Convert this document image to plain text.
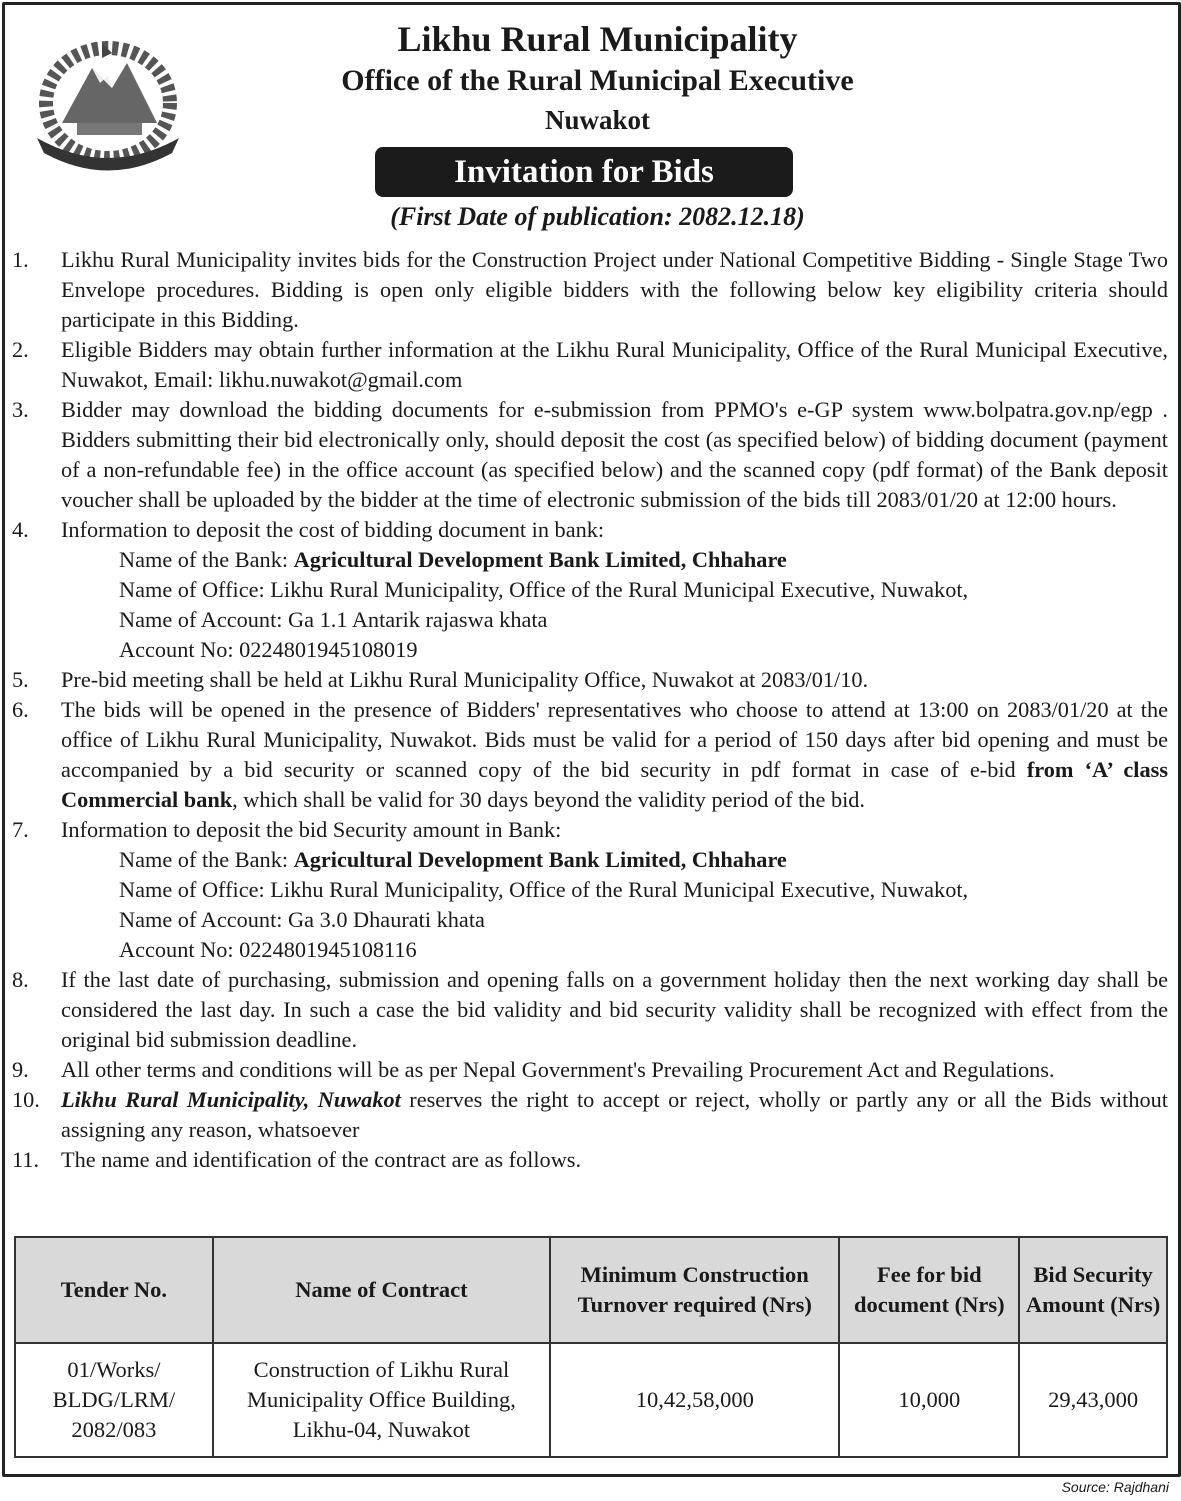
Likhu Rural Municipality
Office of the Rural Municipal Executive
Nuwakot
Invitation for Bids
(First Date of publication: 2082.12.18)
1. Likhu Rural Municipality invites bids for the Construction Project under National Competitive Bidding - Single Stage Two Envelope procedures. Bidding is open only eligible bidders with the following below key eligibility criteria should participate in this Bidding.
2. Eligible Bidders may obtain further information at the Likhu Rural Municipality, Office of the Rural Municipal Executive, Nuwakot, Email: likhu.nuwakot@gmail.com
3. Bidder may download the bidding documents for e-submission from PPMO's e-GP system www.bolpatra.gov.np/egp . Bidders submitting their bid electronically only, should deposit the cost (as specified below) of bidding document (payment of a non-refundable fee) in the office account (as specified below) and the scanned copy (pdf format) of the Bank deposit voucher shall be uploaded by the bidder at the time of electronic submission of the bids till 2083/01/20 at 12:00 hours.
4. Information to deposit the cost of bidding document in bank:
Name of the Bank: Agricultural Development Bank Limited, Chhahare
Name of Office: Likhu Rural Municipality, Office of the Rural Municipal Executive, Nuwakot,
Name of Account: Ga 1.1 Antarik rajaswa khata
Account No: 0224801945108019
5. Pre-bid meeting shall be held at Likhu Rural Municipality Office, Nuwakot at 2083/01/10.
6. The bids will be opened in the presence of Bidders' representatives who choose to attend at 13:00 on 2083/01/20 at the office of Likhu Rural Municipality, Nuwakot. Bids must be valid for a period of 150 days after bid opening and must be accompanied by a bid security or scanned copy of the bid security in pdf format in case of e-bid from ‘A’ class Commercial bank, which shall be valid for 30 days beyond the validity period of the bid.
7. Information to deposit the bid Security amount in Bank:
Name of the Bank: Agricultural Development Bank Limited, Chhahare
Name of Office: Likhu Rural Municipality, Office of the Rural Municipal Executive, Nuwakot,
Name of Account: Ga 3.0 Dhaurati khata
Account No: 0224801945108116
8. If the last date of purchasing, submission and opening falls on a government holiday then the next working day shall be considered the last day. In such a case the bid validity and bid security validity shall be recognized with effect from the original bid submission deadline.
9. All other terms and conditions will be as per Nepal Government's Prevailing Procurement Act and Regulations.
10. Likhu Rural Municipality, Nuwakot reserves the right to accept or reject, wholly or partly any or all the Bids without assigning any reason, whatsoever
11. The name and identification of the contract are as follows.
Tender No.	Name of Contract	Minimum Construction Turnover required (Nrs)	Fee for bid document (Nrs)	Bid Security Amount (Nrs)
01/Works/ BLDG/LRM/ 2082/083	Construction of Likhu Rural Municipality Office Building, Likhu-04, Nuwakot	10,42,58,000	10,000	29,43,000
Source: Rajdhani
